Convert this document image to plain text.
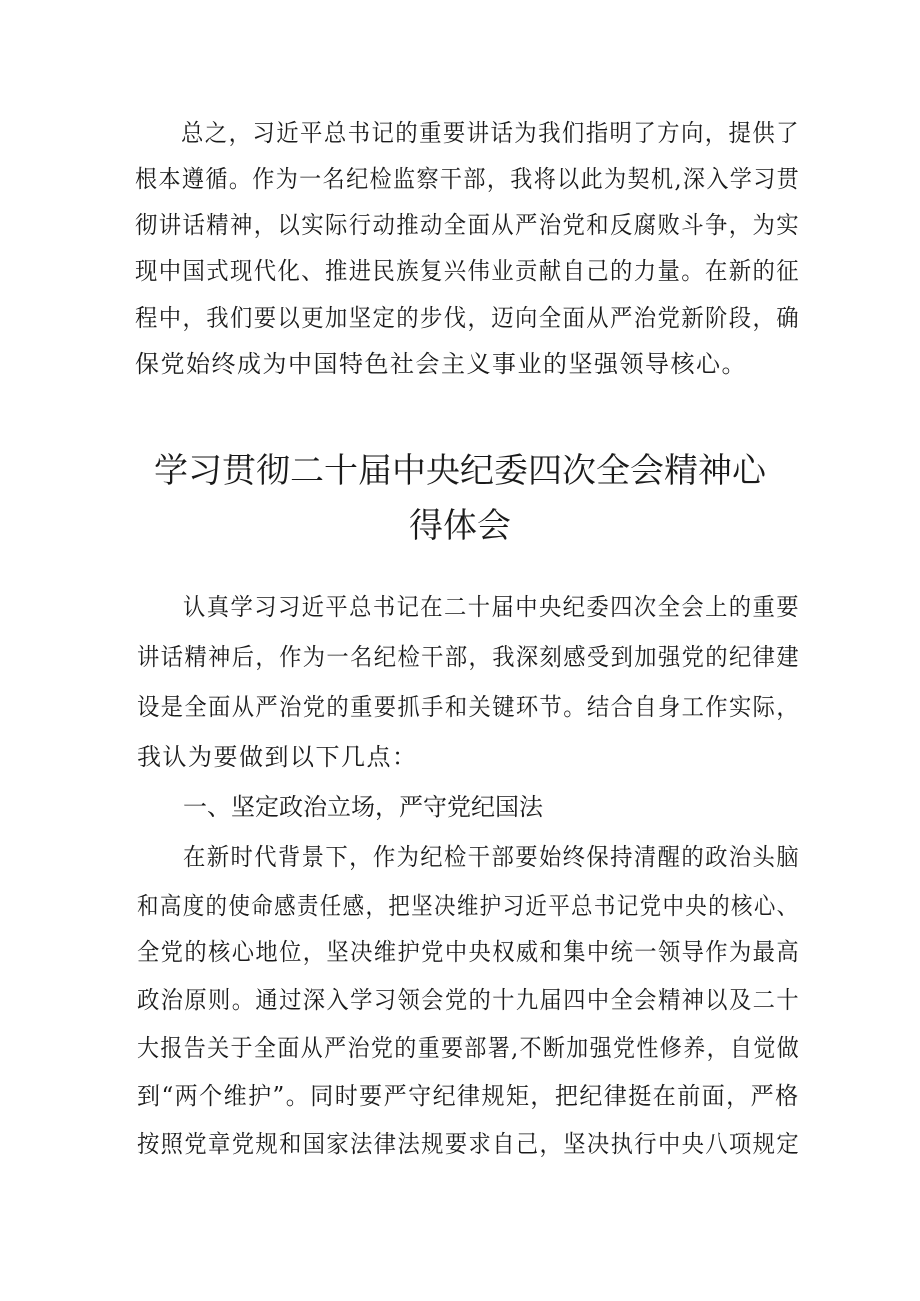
总之，习近平总书记的重要讲话为我们指明了方向，提供了
根本遵循。作为一名纪检监察干部，我将以此为契机,深入学习贯
彻讲话精神，以实际行动推动全面从严治党和反腐败斗争，为实
现中国式现代化、推进民族复兴伟业贡献自己的力量。在新的征
程中，我们要以更加坚定的步伐，迈向全面从严治党新阶段，确
保党始终成为中国特色社会主义事业的坚强领导核心。
学习贯彻二十届中央纪委四次全会精神心
得体会
认真学习习近平总书记在二十届中央纪委四次全会上的重要
讲话精神后，作为一名纪检干部，我深刻感受到加强党的纪律建
设是全面从严治党的重要抓手和关键环节。结合自身工作实际，
我认为要做到以下几点：
一、坚定政治立场，严守党纪国法
在新时代背景下，作为纪检干部要始终保持清醒的政治头脑
和高度的使命感责任感，把坚决维护习近平总书记党中央的核心、
全党的核心地位，坚决维护党中央权威和集中统一领导作为最高
政治原则。通过深入学习领会党的十九届四中全会精神以及二十
大报告关于全面从严治党的重要部署,不断加强党性修养，自觉做
到“两个维护”。同时要严守纪律规矩，把纪律挺在前面，严格
按照党章党规和国家法律法规要求自己，坚决执行中央八项规定
